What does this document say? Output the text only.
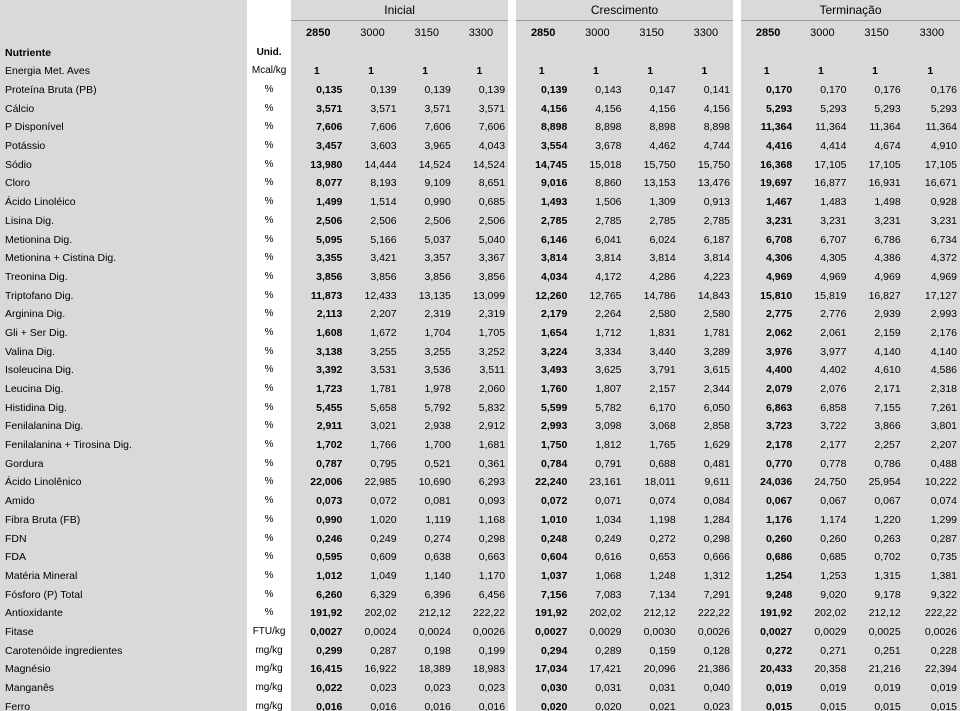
		Inicial					Crescimento					Terminação			
		2850	3000	3150	3300		2850	3000	3150	3300		2850	3000	3150	3300
Nutriente	Unid.														
Energia Met. Aves	Mcal/kg	1	1	1	1		1	1	1	1		1	1	1	1
Proteína Bruta (PB)	%	0,135	0,139	0,139	0,139		0,139	0,143	0,147	0,141		0,170	0,170	0,176	0,176
Cálcio	%	3,571	3,571	3,571	3,571		4,156	4,156	4,156	4,156		5,293	5,293	5,293	5,293
P Disponível	%	7,606	7,606	7,606	7,606		8,898	8,898	8,898	8,898		11,364	11,364	11,364	11,364
Potássio	%	3,457	3,603	3,965	4,043		3,554	3,678	4,462	4,744		4,416	4,414	4,674	4,910
Sódio	%	13,980	14,444	14,524	14,524		14,745	15,018	15,750	15,750		16,368	17,105	17,105	17,105
Cloro	%	8,077	8,193	9,109	8,651		9,016	8,860	13,153	13,476		19,697	16,877	16,931	16,671
Ácido Linoléico	%	1,499	1,514	0,990	0,685		1,493	1,506	1,309	0,913		1,467	1,483	1,498	0,928
Lisina Dig.	%	2,506	2,506	2,506	2,506		2,785	2,785	2,785	2,785		3,231	3,231	3,231	3,231
Metionina Dig.	%	5,095	5,166	5,037	5,040		6,146	6,041	6,024	6,187		6,708	6,707	6,786	6,734
Metionina + Cistina Dig.	%	3,355	3,421	3,357	3,367		3,814	3,814	3,814	3,814		4,306	4,305	4,386	4,372
Treonina Dig.	%	3,856	3,856	3,856	3,856		4,034	4,172	4,286	4,223		4,969	4,969	4,969	4,969
Triptofano Dig.	%	11,873	12,433	13,135	13,099		12,260	12,765	14,786	14,843		15,810	15,819	16,827	17,127
Arginina Dig.	%	2,113	2,207	2,319	2,319		2,179	2,264	2,580	2,580		2,775	2,776	2,939	2,993
Gli + Ser Dig.	%	1,608	1,672	1,704	1,705		1,654	1,712	1,831	1,781		2,062	2,061	2,159	2,176
Valina Dig.	%	3,138	3,255	3,255	3,252		3,224	3,334	3,440	3,289		3,976	3,977	4,140	4,140
Isoleucina Dig.	%	3,392	3,531	3,536	3,511		3,493	3,625	3,791	3,615		4,400	4,402	4,610	4,586
Leucina Dig.	%	1,723	1,781	1,978	2,060		1,760	1,807	2,157	2,344		2,079	2,076	2,171	2,318
Histidina Dig.	%	5,455	5,658	5,792	5,832		5,599	5,782	6,170	6,050		6,863	6,858	7,155	7,261
Fenilalanina Dig.	%	2,911	3,021	2,938	2,912		2,993	3,098	3,068	2,858		3,723	3,722	3,866	3,801
Fenilalanina + Tirosina Dig.	%	1,702	1,766	1,700	1,681		1,750	1,812	1,765	1,629		2,178	2,177	2,257	2,207
Gordura	%	0,787	0,795	0,521	0,361		0,784	0,791	0,688	0,481		0,770	0,778	0,786	0,488
Ácido Linolênico	%	22,006	22,985	10,690	6,293		22,240	23,161	18,011	9,611		24,036	24,750	25,954	10,222
Amido	%	0,073	0,072	0,081	0,093		0,072	0,071	0,074	0,084		0,067	0,067	0,067	0,074
Fibra Bruta (FB)	%	0,990	1,020	1,119	1,168		1,010	1,034	1,198	1,284		1,176	1,174	1,220	1,299
FDN	%	0,246	0,249	0,274	0,298		0,248	0,249	0,272	0,298		0,260	0,260	0,263	0,287
FDA	%	0,595	0,609	0,638	0,663		0,604	0,616	0,653	0,666		0,686	0,685	0,702	0,735
Matéria Mineral	%	1,012	1,049	1,140	1,170		1,037	1,068	1,248	1,312		1,254	1,253	1,315	1,381
Fósforo (P) Total	%	6,260	6,329	6,396	6,456		7,156	7,083	7,134	7,291		9,248	9,020	9,178	9,322
Antioxidante	%	191,92	202,02	212,12	222,22		191,92	202,02	212,12	222,22		191,92	202,02	212,12	222,22
Fitase	FTU/kg	0,0027	0,0024	0,0024	0,0026		0,0027	0,0029	0,0030	0,0026		0,0027	0,0029	0,0025	0,0026
Carotenóide ingredientes	mg/kg	0,299	0,287	0,198	0,199		0,294	0,289	0,159	0,128		0,272	0,271	0,251	0,228
Magnésio	mg/kg	16,415	16,922	18,389	18,983		17,034	17,421	20,096	21,386		20,433	20,358	21,216	22,394
Manganês	mg/kg	0,022	0,023	0,023	0,023		0,030	0,031	0,031	0,040		0,019	0,019	0,019	0,019
Ferro	mg/kg	0,016	0,016	0,016	0,016		0,020	0,020	0,021	0,023		0,015	0,015	0,015	0,015
